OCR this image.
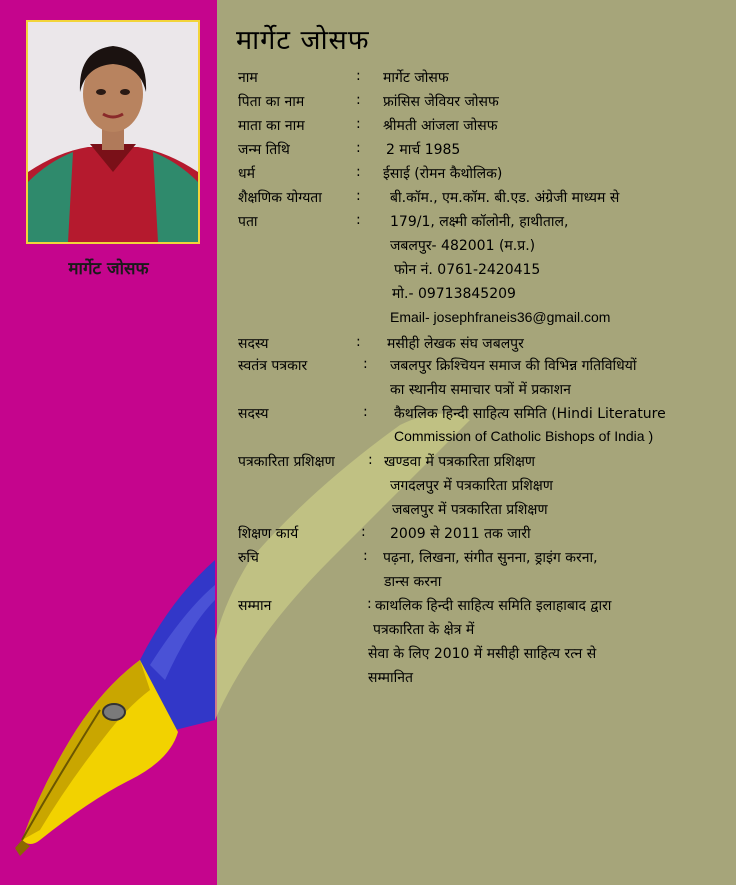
मार्गेट जोसफ
मार्गेट जोसफ
नाम	: मार्गेट जोसफ
पिता का नाम	: फ्रांसिस जेवियर जोसफ
माता का नाम	: श्रीमती आंजला जोसफ
जन्म तिथि	: 2 मार्च 1985
धर्म	: ईसाई (रोमन कैथोलिक)
शैक्षणिक योग्यता : बी.कॉम., एम.कॉम. बी.एड. अंग्रेजी माध्यम से
पता	: 179/1, लक्ष्मी कॉलोनी, हाथीताल,
जबलपुर- 482001 (म.प्र.)
फोन नं. 0761-2420415
मो.- 09713845209
Email- josephfraneis36@gmail.com
सदस्य	: मसीही लेखक संघ जबलपुर
स्वतंत्र पत्रकार	: जबलपुर क्रिश्चियन समाज की विभिन्न गतिविधियों
का स्थानीय समाचार पत्रों में प्रकाशन
सदस्य	: कैथलिक हिन्दी साहित्य समिति (Hindi Literature
Commission of Catholic Bishops of India )
पत्रकारिता प्रशिक्षण : खण्डवा में पत्रकारिता प्रशिक्षण
जगदलपुर में पत्रकारिता प्रशिक्षण
जबलपुर में पत्रकारिता प्रशिक्षण
शिक्षण कार्य	: 2009 से 2011 तक जारी
रुचि	: पढ़ना, लिखना, संगीत सुनना, ड्राइंग करना,
डान्स करना
सम्मान	: काथलिक हिन्दी साहित्य समिति इलाहाबाद द्वारा
पत्रकारिता के क्षेत्र में
सेवा के लिए 2010 में मसीही साहित्य रत्न से
सम्मानित
